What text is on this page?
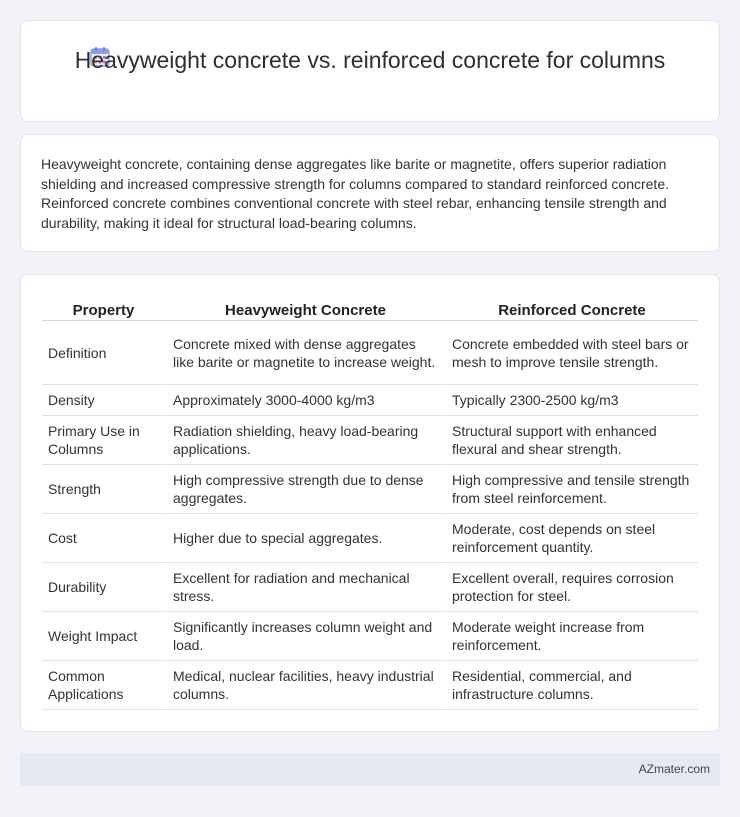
Heavyweight concrete vs. reinforced concrete for columns

Heavyweight concrete, containing dense aggregates like barite or magnetite, offers superior radiation shielding and increased compressive strength for columns compared to standard reinforced concrete. Reinforced concrete combines conventional concrete with steel rebar, enhancing tensile strength and durability, making it ideal for structural load-bearing columns.

Property	Heavyweight Concrete	Reinforced Concrete
Definition	Concrete mixed with dense aggregates like barite or magnetite to increase weight.	Concrete embedded with steel bars or mesh to improve tensile strength.
Density	Approximately 3000-4000 kg/m3	Typically 2300-2500 kg/m3
Primary Use in Columns	Radiation shielding, heavy load-bearing applications.	Structural support with enhanced flexural and shear strength.
Strength	High compressive strength due to dense aggregates.	High compressive and tensile strength from steel reinforcement.
Cost	Higher due to special aggregates.	Moderate, cost depends on steel reinforcement quantity.
Durability	Excellent for radiation and mechanical stress.	Excellent overall, requires corrosion protection for steel.
Weight Impact	Significantly increases column weight and load.	Moderate weight increase from reinforcement.
Common Applications	Medical, nuclear facilities, heavy industrial columns.	Residential, commercial, and infrastructure columns.
AZmater.com
